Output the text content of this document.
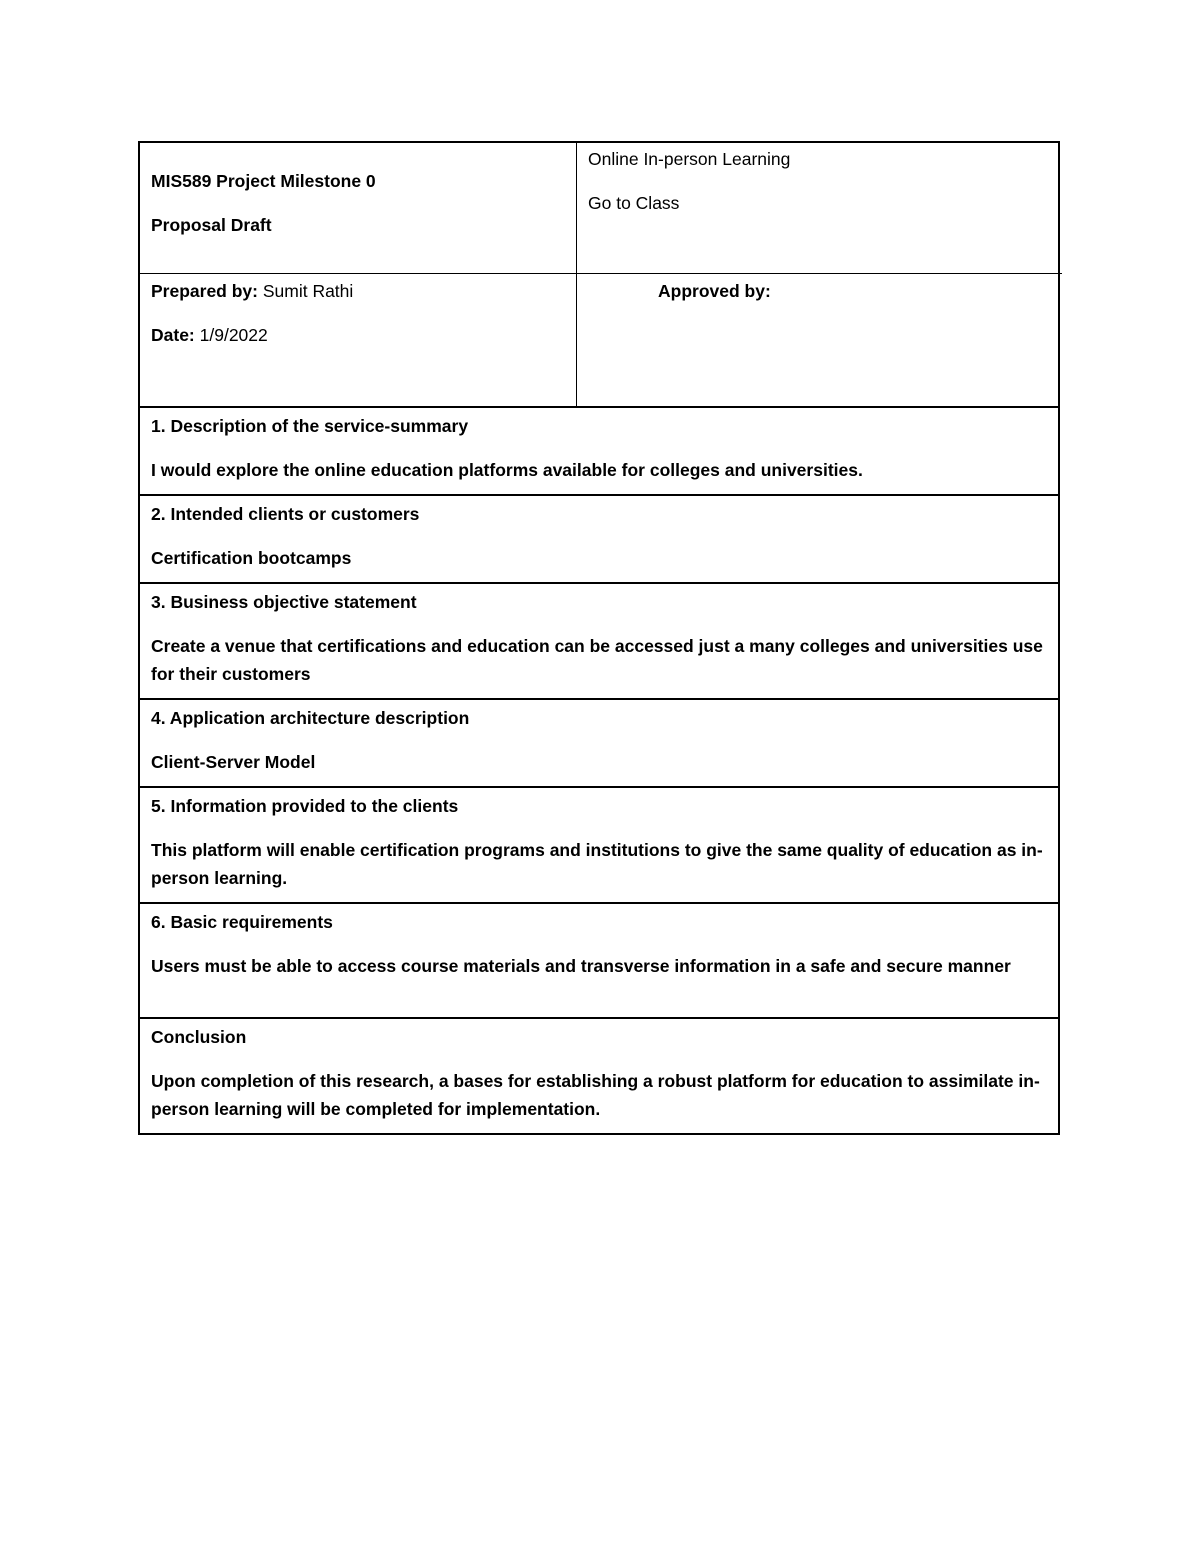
MIS589 Project Milestone 0
Proposal Draft
Online In-person Learning
Go to Class
Prepared by: Sumit Rathi
Date: 1/9/2022
Approved by:

1. Description of the service-summary

I would explore the online education platforms available for colleges and universities.

2. Intended clients or customers

Certification bootcamps

3. Business objective statement

Create a venue that certifications and education can be accessed just a many colleges and universities use for their customers

4. Application architecture description

Client-Server Model

5. Information provided to the clients

This platform will enable certification programs and institutions to give the same quality of education as in-person learning.

6. Basic requirements

Users must be able to access course materials and transverse information in a safe and secure manner

Conclusion

Upon completion of this research, a bases for establishing a robust platform for education to assimilate in-person learning will be completed for implementation.
